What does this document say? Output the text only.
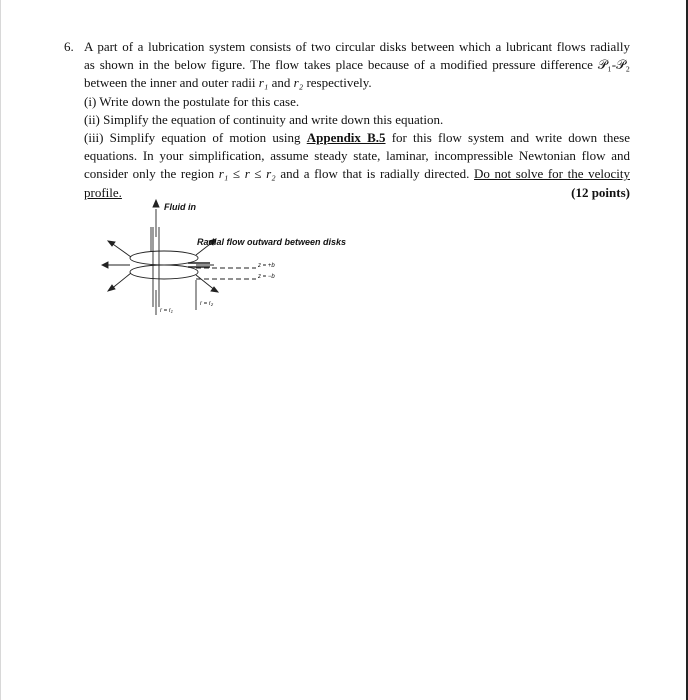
6. A part of a lubrication system consists of two circular disks between which a lubricant flows radially
as shown in the below figure. The flow takes place because of a modified pressure difference 𝒫₁-𝒫₂
between the inner and outer radii r₁ and r₂ respectively.
(i) Write down the postulate for this case.
(ii) Simplify the equation of continuity and write down this equation.
(iii) Simplify equation of motion using Appendix B.5 for this flow system and write down these
equations. In your simplification, assume steady state, laminar, incompressible Newtonian flow and
consider only the region r₁ ≤ r ≤ r₂ and a flow that is radially directed. Do not solve for the velocity
profile.	(12 points)
Fluid in
Radial flow outward between disks
z = +b
z = −b
r = r₁
r = r₂
